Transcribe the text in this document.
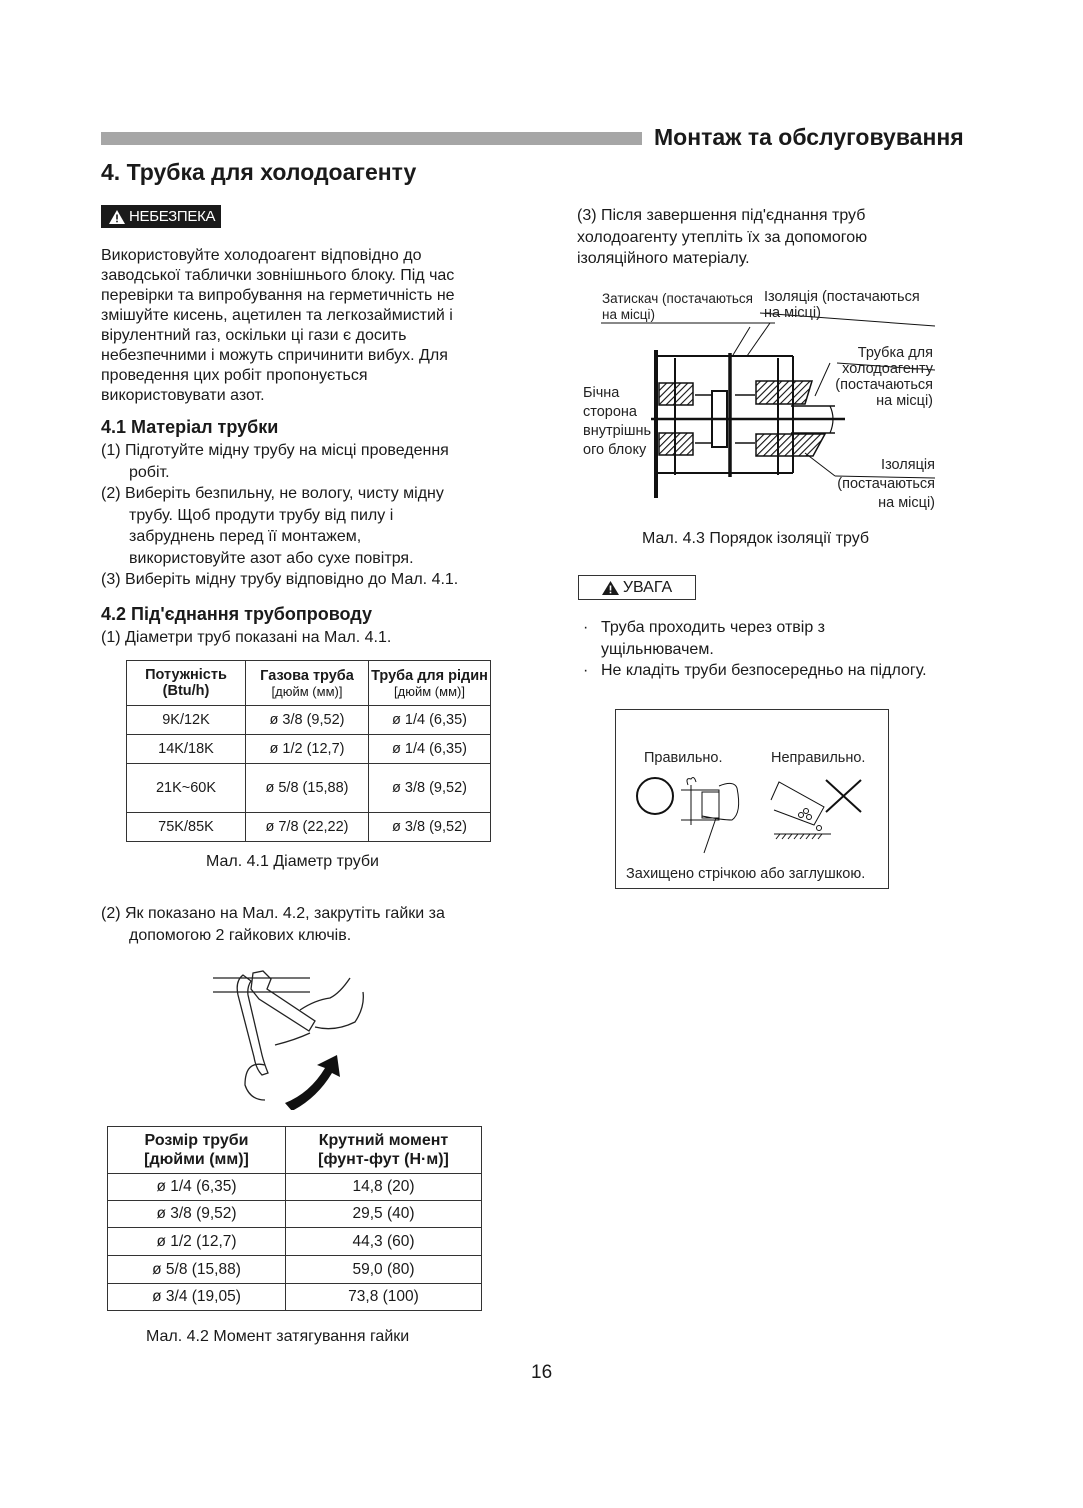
Монтаж та обслуговування
4. Трубка для холодоагенту
НЕБЕЗПЕКА
Використовуйте холодоагент відповідно до
заводської таблички зовнішнього блоку. Під час
перевірки та випробування на герметичність не
змішуйте кисень, ацетилен та легкозаймистий і
вірулентний газ, оскільки ці гази є досить
небезпечними і можуть спричинити вибух. Для
проведення цих робіт пропонується
використовувати азот.
4.1 Матеріал трубки
(1) Підготуйте мідну трубу на місці проведення
робіт.
(2) Виберіть безпильну, не вологу, чисту мідну
трубу. Щоб продути трубу від пилу і
забруднень перед її монтажем,
використовуйте азот або сухе повітря.
(3) Виберіть мідну трубу відповідно до Мал. 4.1.
4.2 Під'єднання трубопроводу
(1) Діаметри труб показані на Мал. 4.1.
Потужність
(Btu/h)	Газова труба
[дюйм (мм)]	Труба для рідин
[дюйм (мм)]

9K/12K	ø 3/8 (9,52)	ø 1/4 (6,35)
14K/18K	ø 1/2 (12,7)	ø 1/4 (6,35)
21K~60K	ø 5/8 (15,88)	ø 3/8 (9,52)
75K/85K	ø 7/8 (22,22)	ø 3/8 (9,52)
Мал. 4.1 Діаметр труби
(2) Як показано на Мал. 4.2, закрутіть гайки за
допомогою 2 гайкових ключів.
Розмір труби
[дюйми (мм)]	Крутний момент
[фунт-фут (Н·м)]
ø 1/4 (6,35)	14,8 (20)
ø 3/8 (9,52)	29,5 (40)
ø 1/2 (12,7)	44,3 (60)
ø 5/8 (15,88)	59,0 (80)
ø 3/4 (19,05)	73,8 (100)
Мал. 4.2 Момент затягування гайки
(3) Після завершення під'єднання труб
холодоагенту утепліть їх за допомогою
ізоляційного матеріалу.
Затискач (постачаються
на місці)
Ізоляція (постачаються
на місці)
Трубка для
холодоагенту
(постачаються
на місці)
Бічна
сторона
внутрішнь
ого блоку
Ізоляція
(постачаються
на місці)
Мал. 4.3 Порядок ізоляції труб
УВАГА
· Труба проходить через отвір з
ущільнювачем.
· Не кладіть труби безпосередньо на підлогу.
Правильно.	Неправильно.
Захищено стрічкою або заглушкою.
16
